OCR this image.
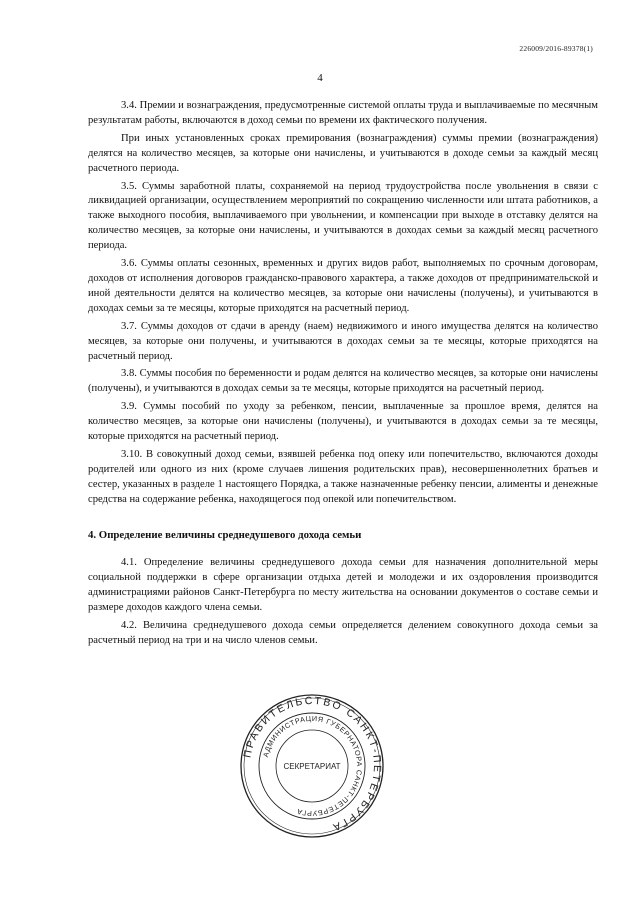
226009/2016-89378(1)
4

3.4. Премии и вознаграждения, предусмотренные системой оплаты труда и выплачиваемые по месячным результатам работы, включаются в доход семьи по времени их фактического получения.

При иных установленных сроках премирования (вознаграждения) суммы премии (вознаграждения) делятся на количество месяцев, за которые они начислены, и учитываются в доходе семьи за каждый месяц расчетного периода.

3.5. Суммы заработной платы, сохраняемой на период трудоустройства после увольнения в связи с ликвидацией организации, осуществлением мероприятий по сокращению численности или штата работников, а также выходного пособия, выплачиваемого при увольнении, и компенсации при выходе в отставку делятся на количество месяцев, за которые они начислены, и учитываются в доходах семьи за каждый месяц расчетного периода.

3.6. Суммы оплаты сезонных, временных и других видов работ, выполняемых по срочным договорам, доходов от исполнения договоров гражданско-правового характера, а также доходов от предпринимательской и иной деятельности делятся на количество месяцев, за которые они начислены (получены), и учитываются в доходах семьи за те месяцы, которые приходятся на расчетный период.

3.7. Суммы доходов от сдачи в аренду (наем) недвижимого и иного имущества делятся на количество месяцев, за которые они получены, и учитываются в доходах семьи за те месяцы, которые приходятся на расчетный период.

3.8. Суммы пособия по беременности и родам делятся на количество месяцев, за которые они начислены (получены), и учитываются в доходах семьи за те месяцы, которые приходятся на расчетный период.

3.9. Суммы пособий по уходу за ребенком, пенсии, выплаченные за прошлое время, делятся на количество месяцев, за которые они начислены (получены), и учитываются в доходах семьи за те месяцы, которые приходятся на расчетный период.

3.10. В совокупный доход семьи, взявшей ребенка под опеку или попечительство, включаются доходы родителей или одного из них (кроме случаев лишения родительских прав), несовершеннолетних братьев и сестер, указанных в разделе 1 настоящего Порядка, а также назначенные ребенку пенсии, алименты и денежные средства на содержание ребенка, находящегося под опекой или попечительством.

4. Определение величины среднедушевого дохода семьи

4.1. Определение величины среднедушевого дохода семьи для назначения дополнительной меры социальной поддержки в сфере организации отдыха детей и молодежи и их оздоровления производится администрациями районов Санкт-Петербурга по месту жительства на основании документов о составе семьи и размере доходов каждого члена семьи.

4.2. Величина среднедушевого дохода семьи определяется делением совокупного дохода семьи за расчетный период на три и на число членов семьи.

ПРАВИТЕЛЬСТВО САНКТ-ПЕТЕРБУРГА
АДМИНИСТРАЦИЯ ГУБЕРНАТОРА САНКТ-ПЕТЕРБУРГА
СЕКРЕТАРИАТ
